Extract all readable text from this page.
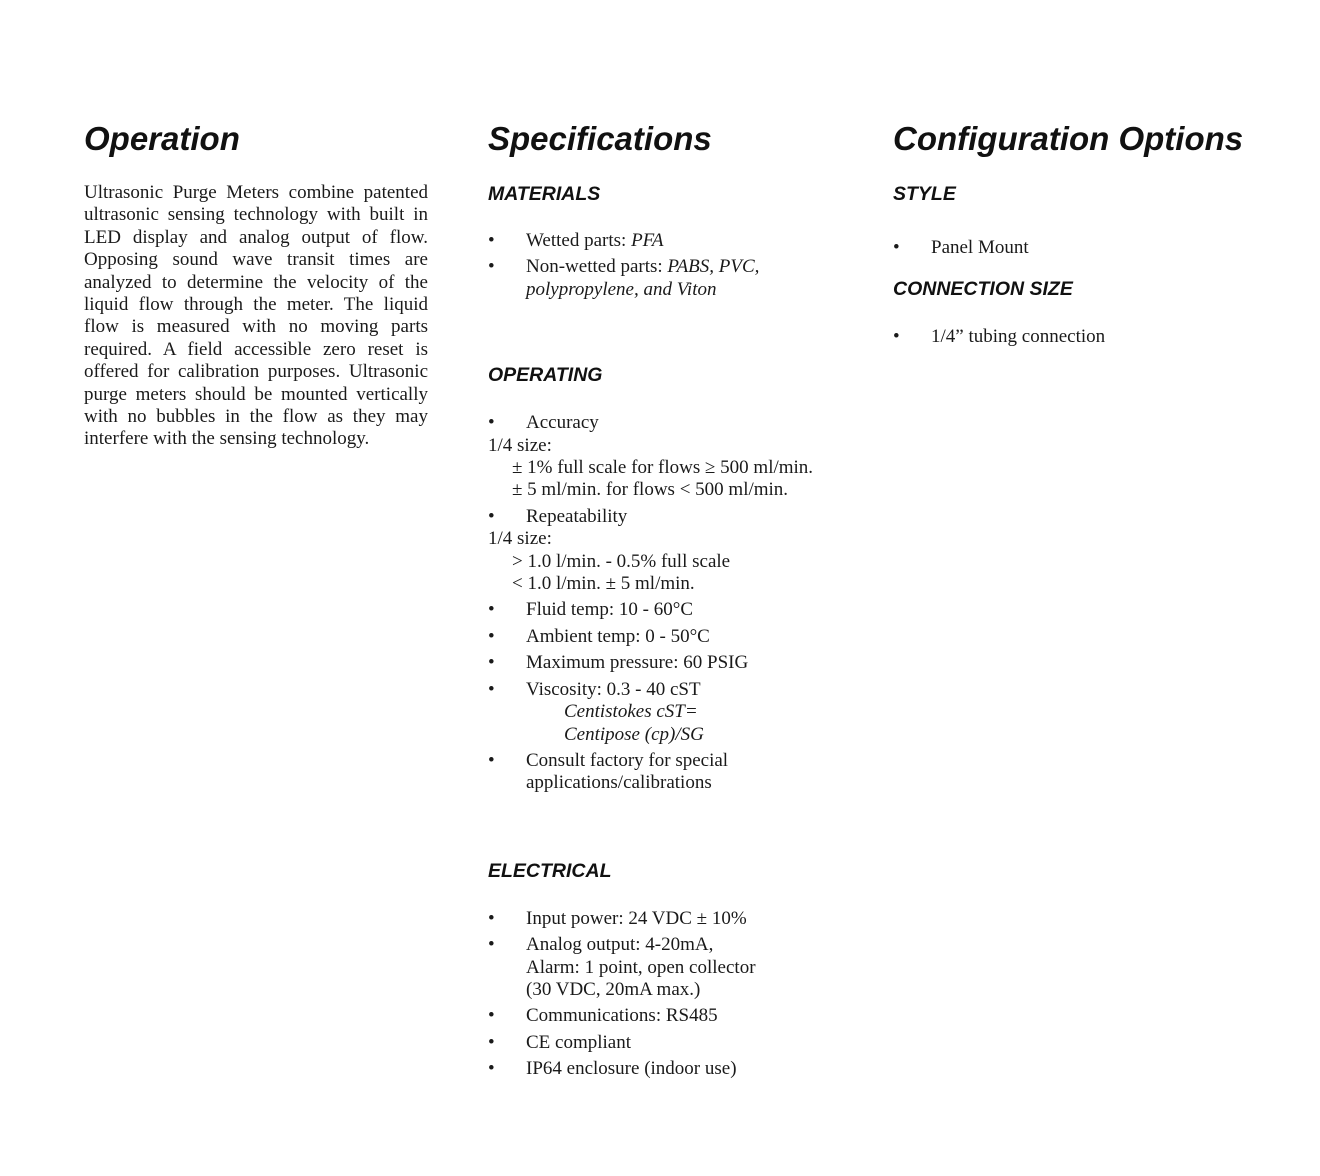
Operation

Ultrasonic Purge Meters combine patented ultrasonic sensing technology with built in LED display and analog output of flow. Opposing sound wave transit times are analyzed to determine the velocity of the liquid flow through the meter. The liquid flow is measured with no moving parts required. A field accessible zero reset is offered for calibration purposes. Ultrasonic purge meters should be mounted vertically with no bubbles in the flow as they may interfere with the sensing technology.

Specifications
MATERIALS
• Wetted parts: PFA
• Non-wetted parts: PABS, PVC,
polypropylene, and Viton
OPERATING
• Accuracy
1/4 size:
± 1% full scale for flows ≥ 500 ml/min.
± 5 ml/min. for flows < 500 ml/min.
• Repeatability
1/4 size:
> 1.0 l/min. - 0.5% full scale
< 1.0 l/min. ± 5 ml/min.
• Fluid temp: 10 - 60°C
• Ambient temp: 0 - 50°C
• Maximum pressure: 60 PSIG
• Viscosity: 0.3 - 40 cST
Centistokes cST=
Centipose (cp)/SG
• Consult factory for special
applications/calibrations
ELECTRICAL
• Input power: 24 VDC ± 10%
• Analog output: 4-20mA,
Alarm: 1 point, open collector
(30 VDC, 20mA max.)
• Communications: RS485
• CE compliant
• IP64 enclosure (indoor use)
Configuration Options
STYLE
• Panel Mount
CONNECTION SIZE
• 1/4” tubing connection
